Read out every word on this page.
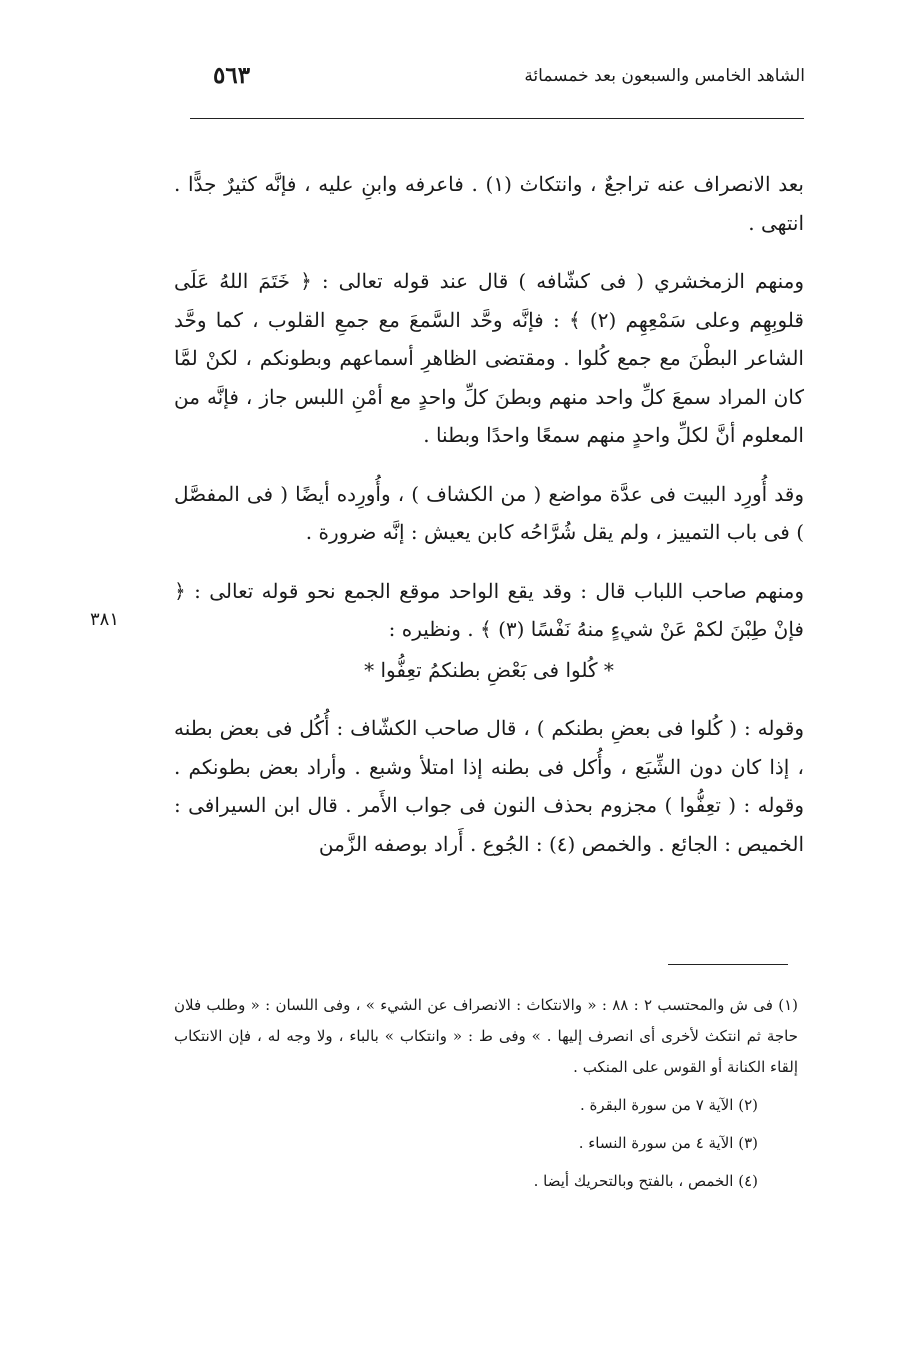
٥٦٣	الشاهد الخامس والسبعون بعد خمسمائة
٣٨١

بعد الانصراف عنه تراجعٌ ، وانتكاث (١) . فاعرفه وابنِ عليه ، فإنَّه كثيرٌ جدًّا . انتهى .

ومنهم الزمخشري ( فى كشّافه ) قال عند قوله تعالى : ﴿ خَتَمَ اللهُ عَلَى قلوبِهِم وعلى سَمْعِهِم (٢) ﴾ : فإنَّه وحَّد السَّمعَ مع جمعِ القلوب ، كما وحَّد الشاعر البطْنَ مع جمع كُلوا . ومقتضى الظاهرِ أسماعهم وبطونكم ، لكنْ لمَّا كان المراد سمعَ كلِّ واحد منهم وبطنَ كلِّ واحدٍ مع أمْنِ اللبس جاز ، فإنَّه من المعلوم أنَّ لكلِّ واحدٍ منهم سمعًا واحدًا وبطنا .

وقد أُورِد البيت فى عدَّة مواضع ( من الكشاف ) ، وأُورِده أيضًا ( فى المفصَّل ) فى باب التمييز ، ولم يقل شُرَّاحُه كابن يعيش : إنَّه ضرورة .

ومنهم صاحب اللباب قال : وقد يقع الواحد موقع الجمع نحو قوله تعالى : ﴿ فإنْ طِبْنَ لكمْ عَنْ شيءٍ منهُ نَفْسًا (٣) ﴾ . ونظيره :

* كُلوا فى بَعْضِ بطنكمُ تعِفُّوا *

وقوله : ( كُلوا فى بعضِ بطنكم ) ، قال صاحب الكشّاف : أُكُل فى بعض بطنه ، إذا كان دون الشِّبَع ، وأُكل فى بطنه إذا امتلأ وشبع . وأراد بعض بطونكم . وقوله : ( تعِفُّوا ) مجزوم بحذف النون فى جواب الأَمر . قال ابن السيرافى : الخميص : الجائع . والخمص (٤) : الجُوع . أَراد بوصفه الزَّمن

(١) فى ش والمحتسب ٢ : ٨٨ : « والانتكاث : الانصراف عن الشيء » ، وفى اللسان : « وطلب فلان حاجة ثم انتكث لأخرى أى انصرف إليها . » وفى ط : « وانتكاب » بالباء ، ولا وجه له ، فإن الانتكاب إلقاء الكنانة أو القوس على المنكب .

(٢) الآية ٧ من سورة البقرة .

(٣) الآية ٤ من سورة النساء .

(٤) الخمص ، بالفتح وبالتحريك أيضا .
